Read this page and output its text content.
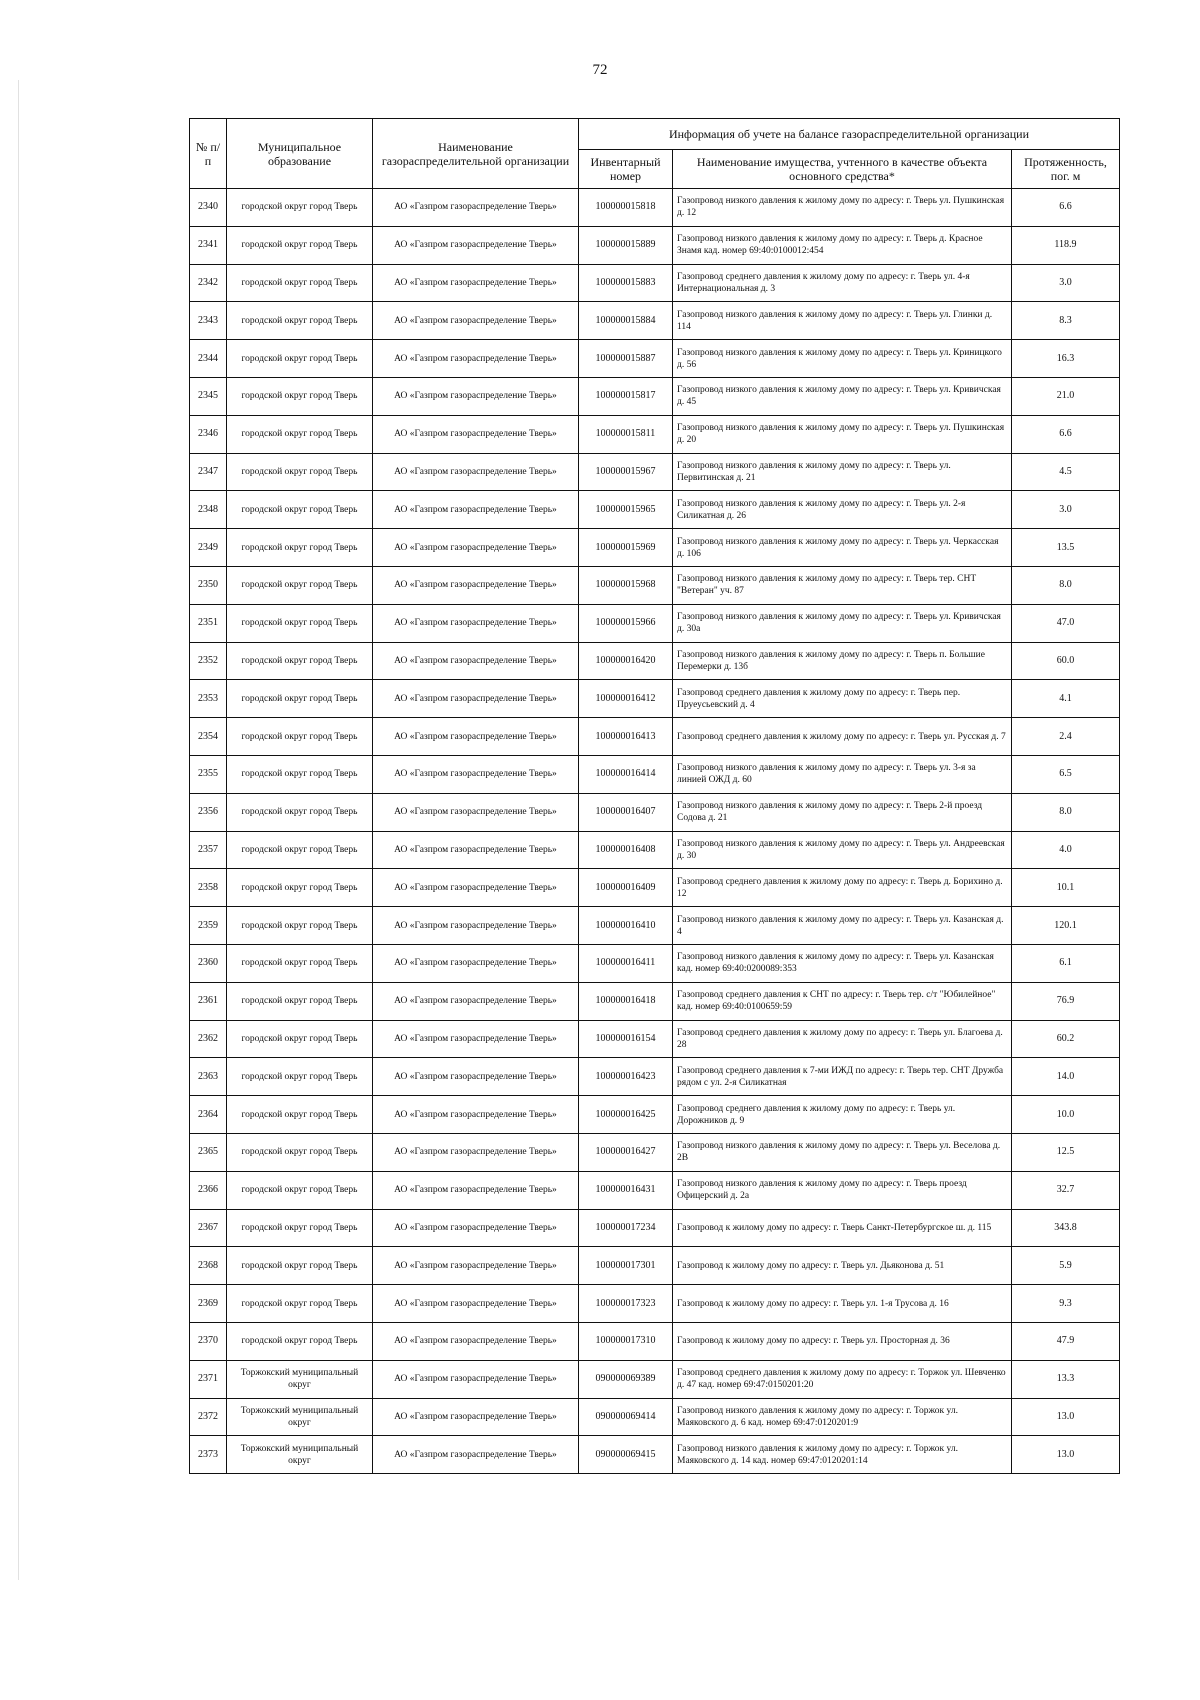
72
№ п/п	Муниципальное образование	Наименование газораспределительной организации	Информация об учете на балансе газораспределительной организации		
			Инвентарный номер	Наименование имущества, учтенного в качестве объекта основного средства*	Протяженность, пог. м
2340	городской округ город Тверь	АО «Газпром газораспределение Тверь»	100000015818	Газопровод низкого давления к жилому дому по адресу: г. Тверь ул. Пушкинская д. 12	6.6
2341	городской округ город Тверь	АО «Газпром газораспределение Тверь»	100000015889	Газопровод низкого давления к жилому дому по адресу: г. Тверь д. Красное Знамя кад. номер 69:40:0100012:454	118.9
2342	городской округ город Тверь	АО «Газпром газораспределение Тверь»	100000015883	Газопровод среднего давления к жилому дому по адресу: г. Тверь ул. 4-я Интернациональная д. 3	3.0
2343	городской округ город Тверь	АО «Газпром газораспределение Тверь»	100000015884	Газопровод низкого давления к жилому дому по адресу: г. Тверь ул. Глинки д. 114	8.3
2344	городской округ город Тверь	АО «Газпром газораспределение Тверь»	100000015887	Газопровод низкого давления к жилому дому по адресу: г. Тверь ул. Криницкого д. 56	16.3
2345	городской округ город Тверь	АО «Газпром газораспределение Тверь»	100000015817	Газопровод низкого давления к жилому дому по адресу: г. Тверь ул. Кривичская д. 45	21.0
2346	городской округ город Тверь	АО «Газпром газораспределение Тверь»	100000015811	Газопровод низкого давления к жилому дому по адресу: г. Тверь ул. Пушкинская д. 20	6.6
2347	городской округ город Тверь	АО «Газпром газораспределение Тверь»	100000015967	Газопровод низкого давления к жилому дому по адресу: г. Тверь ул. Первитинская д. 21	4.5
2348	городской округ город Тверь	АО «Газпром газораспределение Тверь»	100000015965	Газопровод низкого давления к жилому дому по адресу: г. Тверь ул. 2-я Силикатная д. 26	3.0
2349	городской округ город Тверь	АО «Газпром газораспределение Тверь»	100000015969	Газопровод низкого давления к жилому дому по адресу: г. Тверь ул. Черкасская д. 106	13.5
2350	городской округ город Тверь	АО «Газпром газораспределение Тверь»	100000015968	Газопровод низкого давления к жилому дому по адресу: г. Тверь тер. СНТ "Ветеран" уч. 87	8.0
2351	городской округ город Тверь	АО «Газпром газораспределение Тверь»	100000015966	Газопровод низкого давления к жилому дому по адресу: г. Тверь ул. Кривичская д. 30а	47.0
2352	городской округ город Тверь	АО «Газпром газораспределение Тверь»	100000016420	Газопровод низкого давления к жилому дому по адресу: г. Тверь п. Большие Перемерки д. 13б	60.0
2353	городской округ город Тверь	АО «Газпром газораспределение Тверь»	100000016412	Газопровод среднего давления к жилому дому по адресу: г. Тверь пер. Пруеусьевский д. 4	4.1
2354	городской округ город Тверь	АО «Газпром газораспределение Тверь»	100000016413	Газопровод среднего давления к жилому дому по адресу: г. Тверь ул. Русская д. 7	2.4
2355	городской округ город Тверь	АО «Газпром газораспределение Тверь»	100000016414	Газопровод низкого давления к жилому дому по адресу: г. Тверь ул. 3-я за линией ОЖД д. 60	6.5
2356	городской округ город Тверь	АО «Газпром газораспределение Тверь»	100000016407	Газопровод низкого давления к жилому дому по адресу: г. Тверь 2-й проезд Содова д. 21	8.0
2357	городской округ город Тверь	АО «Газпром газораспределение Тверь»	100000016408	Газопровод низкого давления к жилому дому по адресу: г. Тверь ул. Андреевская д. 30	4.0
2358	городской округ город Тверь	АО «Газпром газораспределение Тверь»	100000016409	Газопровод среднего давления к жилому дому по адресу: г. Тверь д. Борихино д. 12	10.1
2359	городской округ город Тверь	АО «Газпром газораспределение Тверь»	100000016410	Газопровод низкого давления к жилому дому по адресу: г. Тверь ул. Казанская д. 4	120.1
2360	городской округ город Тверь	АО «Газпром газораспределение Тверь»	100000016411	Газопровод низкого давления к жилому дому по адресу: г. Тверь ул. Казанская кад. номер 69:40:0200089:353	6.1
2361	городской округ город Тверь	АО «Газпром газораспределение Тверь»	100000016418	Газопровод среднего давления к СНТ по адресу: г. Тверь тер. с/т "Юбилейное" кад. номер 69:40:0100659:59	76.9
2362	городской округ город Тверь	АО «Газпром газораспределение Тверь»	100000016154	Газопровод среднего давления к жилому дому по адресу: г. Тверь ул. Благоева д. 28	60.2
2363	городской округ город Тверь	АО «Газпром газораспределение Тверь»	100000016423	Газопровод среднего давления к 7-ми ИЖД по адресу: г. Тверь тер. СНТ Дружба рядом с ул. 2-я Силикатная	14.0
2364	городской округ город Тверь	АО «Газпром газораспределение Тверь»	100000016425	Газопровод среднего давления к жилому дому по адресу: г. Тверь ул. Дорожников д. 9	10.0
2365	городской округ город Тверь	АО «Газпром газораспределение Тверь»	100000016427	Газопровод низкого давления к жилому дому по адресу: г. Тверь ул. Веселова д. 2В	12.5
2366	городской округ город Тверь	АО «Газпром газораспределение Тверь»	100000016431	Газопровод низкого давления к жилому дому по адресу: г. Тверь проезд Офицерский д. 2а	32.7
2367	городской округ город Тверь	АО «Газпром газораспределение Тверь»	100000017234	Газопровод к жилому дому по адресу: г. Тверь Санкт-Петербургское ш. д. 115	343.8
2368	городской округ город Тверь	АО «Газпром газораспределение Тверь»	100000017301	Газопровод к жилому дому по адресу: г. Тверь ул. Дьяконова д. 51	5.9
2369	городской округ город Тверь	АО «Газпром газораспределение Тверь»	100000017323	Газопровод к жилому дому по адресу: г. Тверь ул. 1-я Трусова д. 16	9.3
2370	городской округ город Тверь	АО «Газпром газораспределение Тверь»	100000017310	Газопровод к жилому дому по адресу: г. Тверь ул. Просторная д. 36	47.9
2371	Торжокский муниципальный округ	АО «Газпром газораспределение Тверь»	090000069389	Газопровод среднего давления к жилому дому по адресу: г. Торжок ул. Шевченко д. 47 кад. номер 69:47:0150201:20	13.3
2372	Торжокский муниципальный округ	АО «Газпром газораспределение Тверь»	090000069414	Газопровод низкого давления к жилому дому по адресу: г. Торжок ул. Маяковского д. 6 кад. номер 69:47:0120201:9	13.0
2373	Торжокский муниципальный округ	АО «Газпром газораспределение Тверь»	090000069415	Газопровод низкого давления к жилому дому по адресу: г. Торжок ул. Маяковского д. 14 кад. номер 69:47:0120201:14	13.0
